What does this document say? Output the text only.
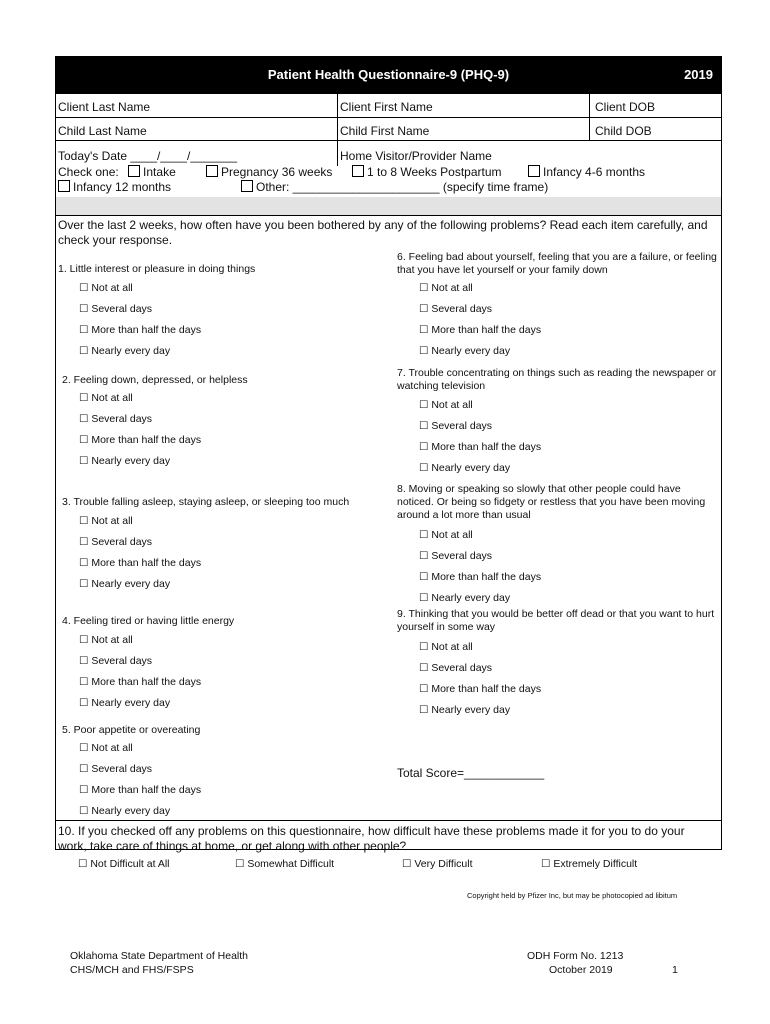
Patient Health Questionnaire-9 (PHQ-9)	2019
Client Last Name	Client First Name	Client DOB
Child Last Name	Child First Name	Child DOB
Today's Date ____/____/_______	Home Visitor/Provider Name
Check one: Intake	Pregnancy 36 weeks	1 to 8 Weeks Postpartum	Infancy 4-6 months
Infancy 12 months	Other: ______________________ (specify time frame)
Over the last 2 weeks, how often have you been bothered by any of the following problems? Read each item carefully, and check your response.
1. Little interest or pleasure in doing things
☐ Not at all
☐ Several days
☐ More than half the days
☐ Nearly every day
2. Feeling down, depressed, or helpless
☐ Not at all
☐ Several days
☐ More than half the days
☐ Nearly every day
3. Trouble falling asleep, staying asleep, or sleeping too much
☐ Not at all
☐ Several days
☐ More than half the days
☐ Nearly every day
4. Feeling tired or having little energy
☐ Not at all
☐ Several days
☐ More than half the days
☐ Nearly every day
5. Poor appetite or overeating
☐ Not at all
☐ Several days
☐ More than half the days
☐ Nearly every day
6. Feeling bad about yourself, feeling that you are a failure, or feeling that you have let yourself or your family down
☐ Not at all
☐ Several days
☐ More than half the days
☐ Nearly every day
7. Trouble concentrating on things such as reading the newspaper or watching television
☐ Not at all
☐ Several days
☐ More than half the days
☐ Nearly every day
8. Moving or speaking so slowly that other people could have noticed. Or being so fidgety or restless that you have been moving around a lot more than usual
☐ Not at all
☐ Several days
☐ More than half the days
☐ Nearly every day
9. Thinking that you would be better off dead or that you want to hurt yourself in some way
☐ Not at all
☐ Several days
☐ More than half the days
☐ Nearly every day
Total Score=____________
10. If you checked off any problems on this questionnaire, how difficult have these problems made it for you to do your work, take care of things at home, or get along with other people?
☐ Not Difficult at All	☐ Somewhat Difficult	☐ Very Difficult	☐ Extremely Difficult
Copyright held by Pfizer Inc, but may be photocopied ad libitum
Oklahoma State Department of Health
CHS/MCH and FHS/FSPS
ODH Form No. 1213
October 2019	1
